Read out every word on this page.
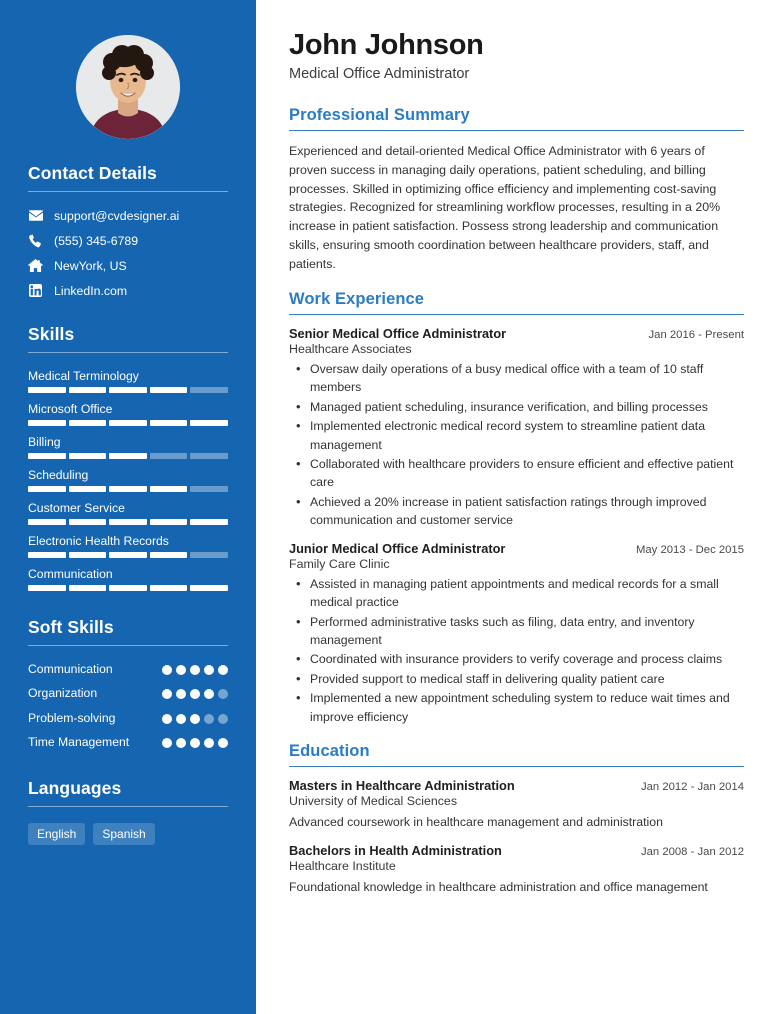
Contact Details
support@cvdesigner.ai
(555) 345-6789
NewYork, US
LinkedIn.com
Skills
Medical Terminology
Microsoft Office
Billing
Scheduling
Customer Service
Electronic Health Records
Communication
Soft Skills
Communication
Organization
Problem-solving
Time Management
Languages
English	Spanish
John Johnson
Medical Office Administrator
Professional Summary

Experienced and detail-oriented Medical Office Administrator with 6 years of proven success in managing daily operations, patient scheduling, and billing processes. Skilled in optimizing office efficiency and implementing cost-saving strategies. Recognized for streamlining workflow processes, resulting in a 20% increase in patient satisfaction. Possess strong leadership and communication skills, ensuring smooth coordination between healthcare providers, staff, and patients.

Work Experience
Senior Medical Office Administrator	Jan 2016 - Present
Healthcare Associates
• Oversaw daily operations of a busy medical office with a team of 10 staff members
• Managed patient scheduling, insurance verification, and billing processes
• Implemented electronic medical record system to streamline patient data management
• Collaborated with healthcare providers to ensure efficient and effective patient care
• Achieved a 20% increase in patient satisfaction ratings through improved communication and customer service
Junior Medical Office Administrator	May 2013 - Dec 2015
Family Care Clinic
• Assisted in managing patient appointments and medical records for a small medical practice
• Performed administrative tasks such as filing, data entry, and inventory management
• Coordinated with insurance providers to verify coverage and process claims
• Provided support to medical staff in delivering quality patient care
• Implemented a new appointment scheduling system to reduce wait times and improve efficiency
Education
Masters in Healthcare Administration	Jan 2012 - Jan 2014
University of Medical Sciences
Advanced coursework in healthcare management and administration
Bachelors in Health Administration	Jan 2008 - Jan 2012
Healthcare Institute
Foundational knowledge in healthcare administration and office management
